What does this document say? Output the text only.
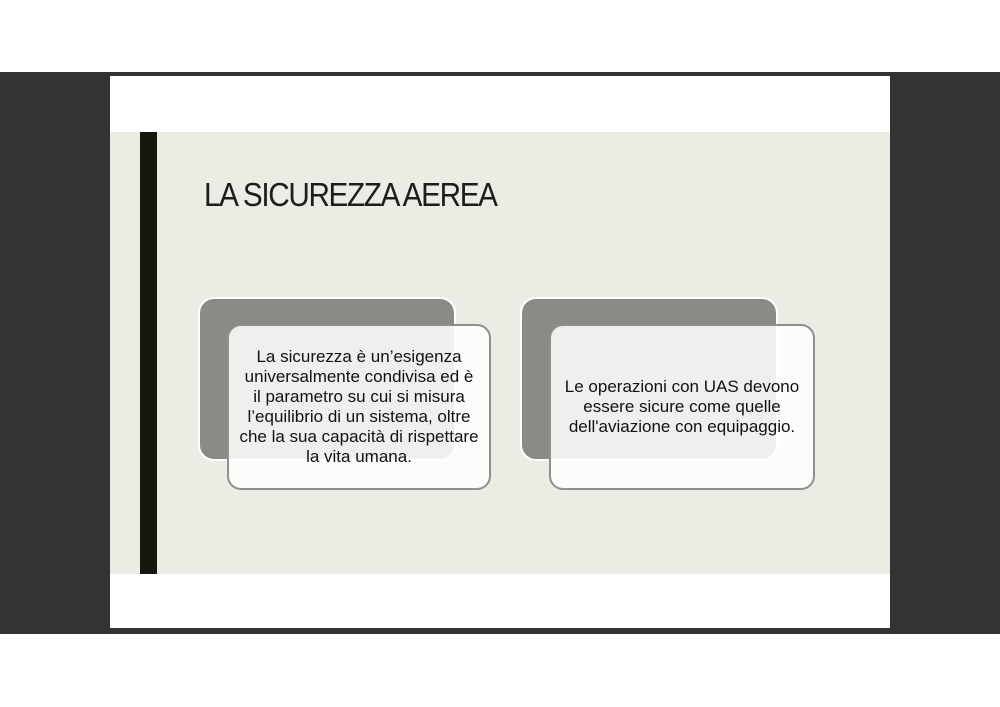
LA SICUREZZA AEREA
La sicurezza è un’esigenza universalmente condivisa ed è il parametro su cui si misura l’equilibrio di un sistema, oltre che la sua capacità di rispettare la vita umana.
Le operazioni con UAS devono essere sicure come quelle dell'aviazione con equipaggio.
